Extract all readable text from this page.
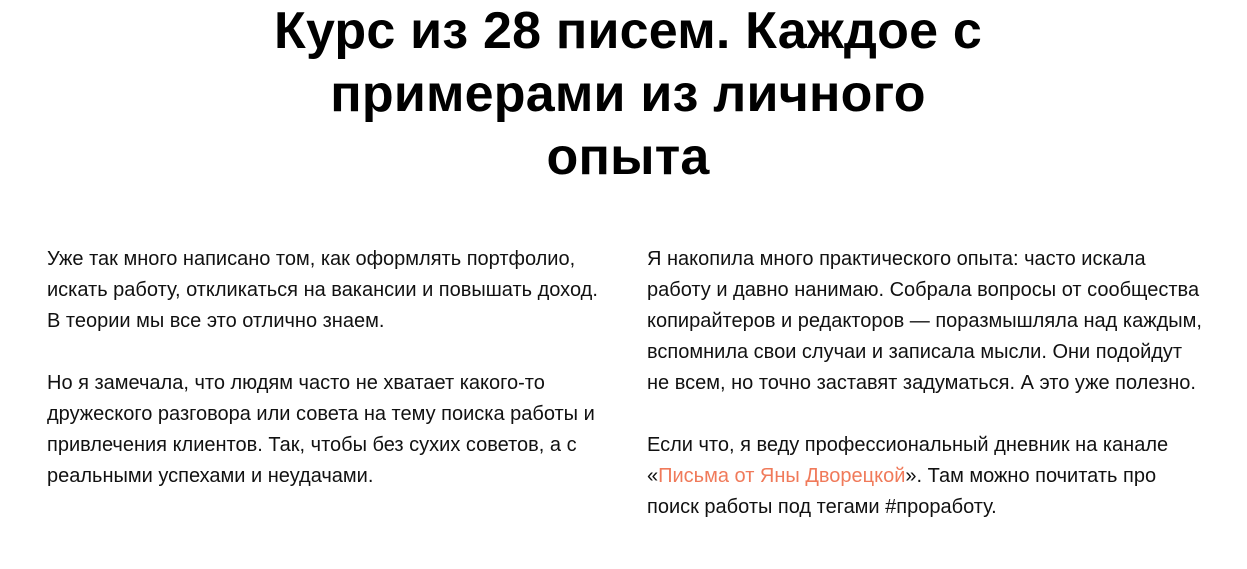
Курс из 28 писем. Каждое с
примерами из личного
опыта

Уже так много написано том, как оформлять портфолио,
искать работу, откликаться на вакансии и повышать доход.
В теории мы все это отлично знаем.

Но я замечала, что людям часто не хватает какого-то
дружеского разговора или совета на тему поиска работы и
привлечения клиентов. Так, чтобы без сухих советов, а с
реальными успехами и неудачами.

Я накопила много практического опыта: часто искала
работу и давно нанимаю. Собрала вопросы от сообщества
копирайтеров и редакторов — поразмышляла над каждым,
вспомнила свои случаи и записала мысли. Они подойдут
не всем, но точно заставят задуматься. А это уже полезно.

Если что, я веду профессиональный дневник на канале
«Письма от Яны Дворецкой». Там можно почитать про
поиск работы под тегами #проработу.
